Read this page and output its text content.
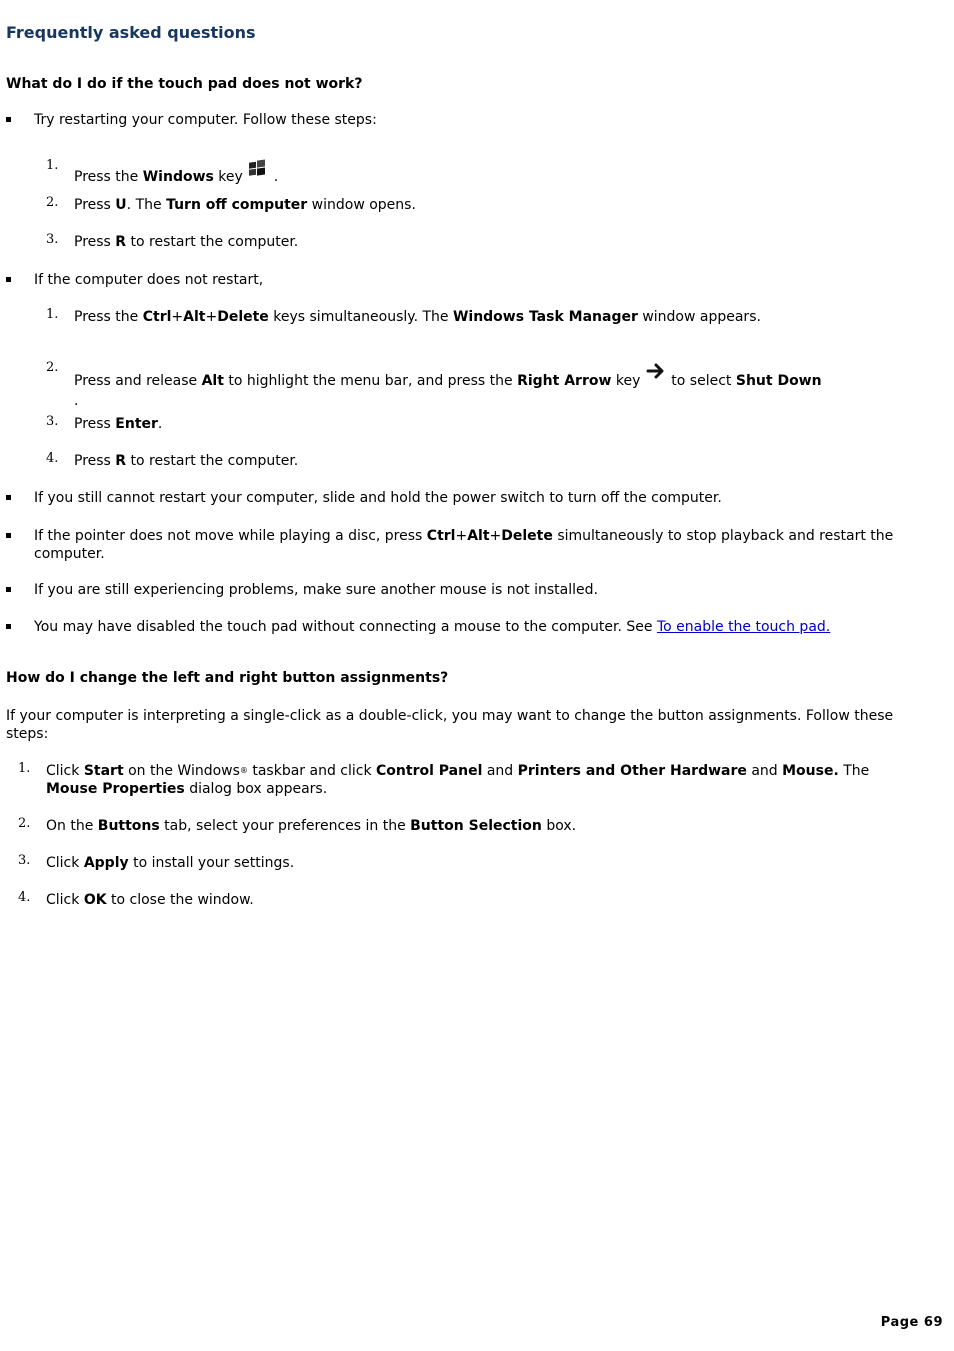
Frequently asked questions
What do I do if the touch pad does not work?
Try restarting your computer. Follow these steps:
1.
Press the Windows key  .
2. Press U. The Turn off computer window opens.
3. Press R to restart the computer.
If the computer does not restart,
1. Press the Ctrl+Alt+Delete keys simultaneously. The Windows Task Manager window appears.
2.
Press and release Alt to highlight the menu bar, and press the Right Arrow key  to select Shut Down
.
3. Press Enter.
4. Press R to restart the computer.
If you still cannot restart your computer, slide and hold the power switch to turn off the computer.
If the pointer does not move while playing a disc, press Ctrl+Alt+Delete simultaneously to stop playback and restart the computer.
If you are still experiencing problems, make sure another mouse is not installed.
You may have disabled the touch pad without connecting a mouse to the computer. See To enable the touch pad.
How do I change the left and right button assignments?
If your computer is interpreting a single-click as a double-click, you may want to change the button assignments. Follow these steps:
1. Click Start on the Windows® taskbar and click Control Panel and Printers and Other Hardware and Mouse. The Mouse Properties dialog box appears.
2. On the Buttons tab, select your preferences in the Button Selection box.
3. Click Apply to install your settings.
4. Click OK to close the window.
Page 69
